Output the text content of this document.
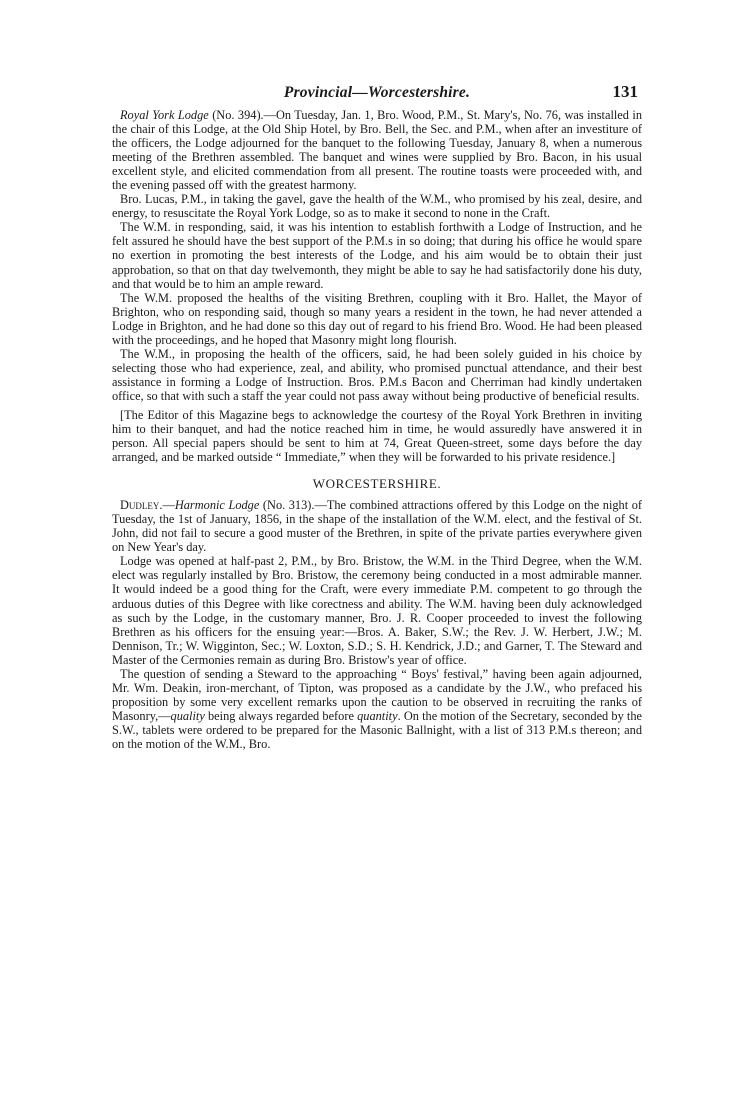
Provincial—Worcestershire.	131

Royal York Lodge (No. 394).—On Tuesday, Jan. 1, Bro. Wood, P.M., St. Mary's, No. 76, was installed in the chair of this Lodge, at the Old Ship Hotel, by Bro. Bell, the Sec. and P.M., when after an investiture of the officers, the Lodge adjourned for the banquet to the following Tuesday, January 8, when a numerous meeting of the Brethren assembled. The banquet and wines were supplied by Bro. Bacon, in his usual excellent style, and elicited commendation from all present. The routine toasts were proceeded with, and the evening passed off with the greatest harmony.

Bro. Lucas, P.M., in taking the gavel, gave the health of the W.M., who promised by his zeal, desire, and energy, to resuscitate the Royal York Lodge, so as to make it second to none in the Craft.

The W.M. in responding, said, it was his intention to establish forthwith a Lodge of Instruction, and he felt assured he should have the best support of the P.M.s in so doing; that during his office he would spare no exertion in promoting the best interests of the Lodge, and his aim would be to obtain their just approbation, so that on that day twelvemonth, they might be able to say he had satisfactorily done his duty, and that would be to him an ample reward.

The W.M. proposed the healths of the visiting Brethren, coupling with it Bro. Hallet, the Mayor of Brighton, who on responding said, though so many years a resident in the town, he had never attended a Lodge in Brighton, and he had done so this day out of regard to his friend Bro. Wood. He had been pleased with the proceedings, and he hoped that Masonry might long flourish.

The W.M., in proposing the health of the officers, said, he had been solely guided in his choice by selecting those who had experience, zeal, and ability, who promised punctual attendance, and their best assistance in forming a Lodge of Instruction. Bros. P.M.s Bacon and Cherriman had kindly undertaken office, so that with such a staff the year could not pass away without being productive of beneficial results.

[The Editor of this Magazine begs to acknowledge the courtesy of the Royal York Brethren in inviting him to their banquet, and had the notice reached him in time, he would assuredly have answered it in person. All special papers should be sent to him at 74, Great Queen-street, some days before the day arranged, and be marked outside “ Immediate,” when they will be forwarded to his private residence.]

WORCESTERSHIRE.

Dudley.—Harmonic Lodge (No. 313).—The combined attractions offered by this Lodge on the night of Tuesday, the 1st of January, 1856, in the shape of the installation of the W.M. elect, and the festival of St. John, did not fail to secure a good muster of the Brethren, in spite of the private parties everywhere given on New Year's day.

Lodge was opened at half-past 2, P.M., by Bro. Bristow, the W.M. in the Third Degree, when the W.M. elect was regularly installed by Bro. Bristow, the ceremony being conducted in a most admirable manner. It would indeed be a good thing for the Craft, were every immediate P.M. competent to go through the arduous duties of this Degree with like corectness and ability. The W.M. having been duly acknowledged as such by the Lodge, in the customary manner, Bro. J. R. Cooper proceeded to invest the following Brethren as his officers for the ensuing year:—Bros. A. Baker, S.W.; the Rev. J. W. Herbert, J.W.; M. Dennison, Tr.; W. Wigginton, Sec.; W. Loxton, S.D.; S. H. Kendrick, J.D.; and Garner, T. The Steward and Master of the Cermonies remain as during Bro. Bristow's year of office.

The question of sending a Steward to the approaching “ Boys' festival,” having been again adjourned, Mr. Wm. Deakin, iron-merchant, of Tipton, was proposed as a candidate by the J.W., who prefaced his proposition by some very excellent remarks upon the caution to be observed in recruiting the ranks of Masonry,—quality being always regarded before quantity. On the motion of the Secretary, seconded by the S.W., tablets were ordered to be prepared for the Masonic Ballnight, with a list of 313 P.M.s thereon; and on the motion of the W.M., Bro.
